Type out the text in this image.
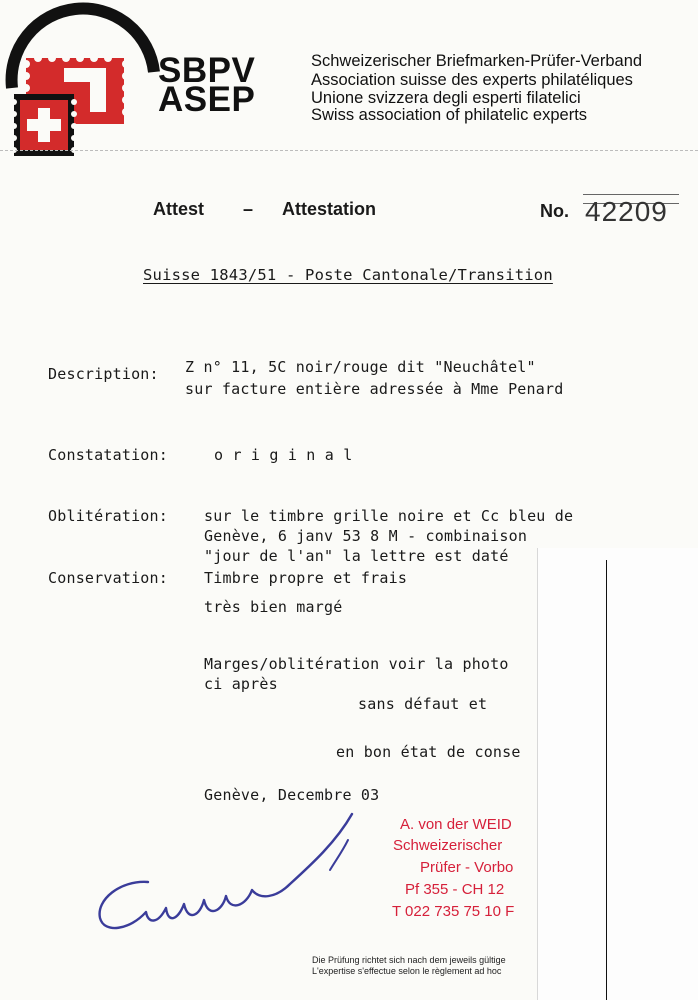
SBPV
ASEP
Schweizerischer Briefmarken-Prüfer-Verband
Association suisse des experts philatéliques
Unione svizzera degli esperti filatelici
Swiss association of philatelic experts
Attest – Attestation	No. 42209
Suisse 1843/51 - Poste Cantonale/Transition
Description: Z n° 11, 5C noir/rouge dit "Neuchâtel"
sur facture entière adressée à Mme Penard
Constatation:	o r i g i n a l
Oblitération: sur le timbre grille noire et Cc bleu de
Genève, 6 janv 53 8 M - combinaison
"jour de l'an" la lettre est daté
Conservation: Timbre propre et frais
très bien margé
Marges/oblitération voir la photo
ci après
sans défaut et
en bon état de conse
Genève, Decembre 03
A. von der WEID
Schweizerischer
Prüfer - Vorbo
Pf 355 - CH 12
T 022 735 75 10 F
Die Prüfung richtet sich nach dem jeweils gültige
L'expertise s'effectue selon le règlement ad hoc
